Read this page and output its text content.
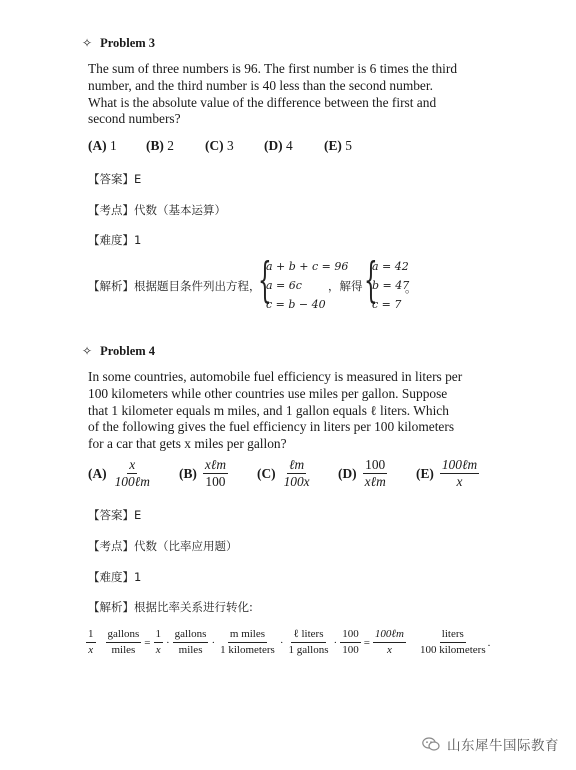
✧ Problem 3
The sum of three numbers is 96. The first number is 6 times the third
number, and the third number is 40 less than the second number.
What is the absolute value of the difference between the first and
second numbers?
(A) 1 (B) 2 (C) 3 (D) 4 (E) 5
【答案】E
【考点】代数（基本运算）
【难度】1
【解析】根据题目条件列出方程，
{
a + b + c = 96
a = 6c
c = b − 40
，解得 {
a = 42
b = 47
c = 7
。
✧ Problem 4
In some countries, automobile fuel efficiency is measured in liters per
100 kilometers while other countries use miles per gallon. Suppose
that 1 kilometer equals m miles, and 1 gallon equals ℓ liters. Which
of the following gives the fuel efficiency in liters per 100 kilometers
for a car that gets x miles per gallon?
$(A) \frac{x}{\text{100ℓm}} (B) \frac{\text{xℓm}}{100} (C) \frac{\text{ℓm}}{100x} (D) \frac{100}{\text{xℓm}} (E) \frac{\text{100ℓm}}{x}$
【答案】E
【考点】代数（比率应用题）
【难度】1
【解析】根据比率关系进行转化:
$\frac{1}{x} \frac{\text{gallons}}{\text{miles}} = \frac{1}{x} \cdot \frac{\text{gallons}}{\text{miles}} \cdot \frac{\text{m miles}}{\text{1 kilometers}} \cdot \frac{\text{ℓ liters}}{\text{1 gallons}} \cdot \frac{100}{100} = \frac{\text{100ℓm}}{x} \frac{\text{liters}}{\text{100 kilometers}}$ .
山东犀牛国际教育
